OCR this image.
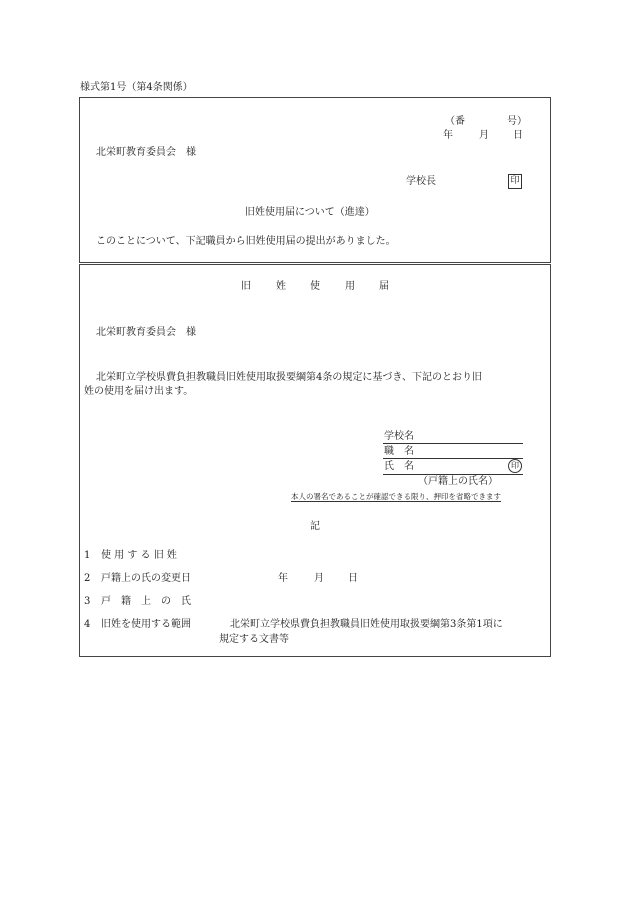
様式第1号（第4条関係）
（番	号）
年	月 日
北栄町教育委員会　様
学校長	印
旧姓使用届について（進達）
このことについて、下記職員から旧姓使用届の提出がありました。
旧	姓 使	用 届
北栄町教育委員会　様
北栄町立学校県費負担教職員旧姓使用取扱要綱第4条の規定に基づき、下記のとおり旧
姓の使用を届け出ます。
学校名
職　名
氏　名	印
（戸籍上の氏名）
本人の署名であることが確認できる限り、押印を省略できます
記
1 使 用 す る 旧 姓
2 戸籍上の氏の変更日	年	月 日
3 戸　籍　上　の　氏
4 旧姓を使用する範囲	北栄町立学校県費負担教職員旧姓使用取扱要綱第3条第1項に
規定する文書等
